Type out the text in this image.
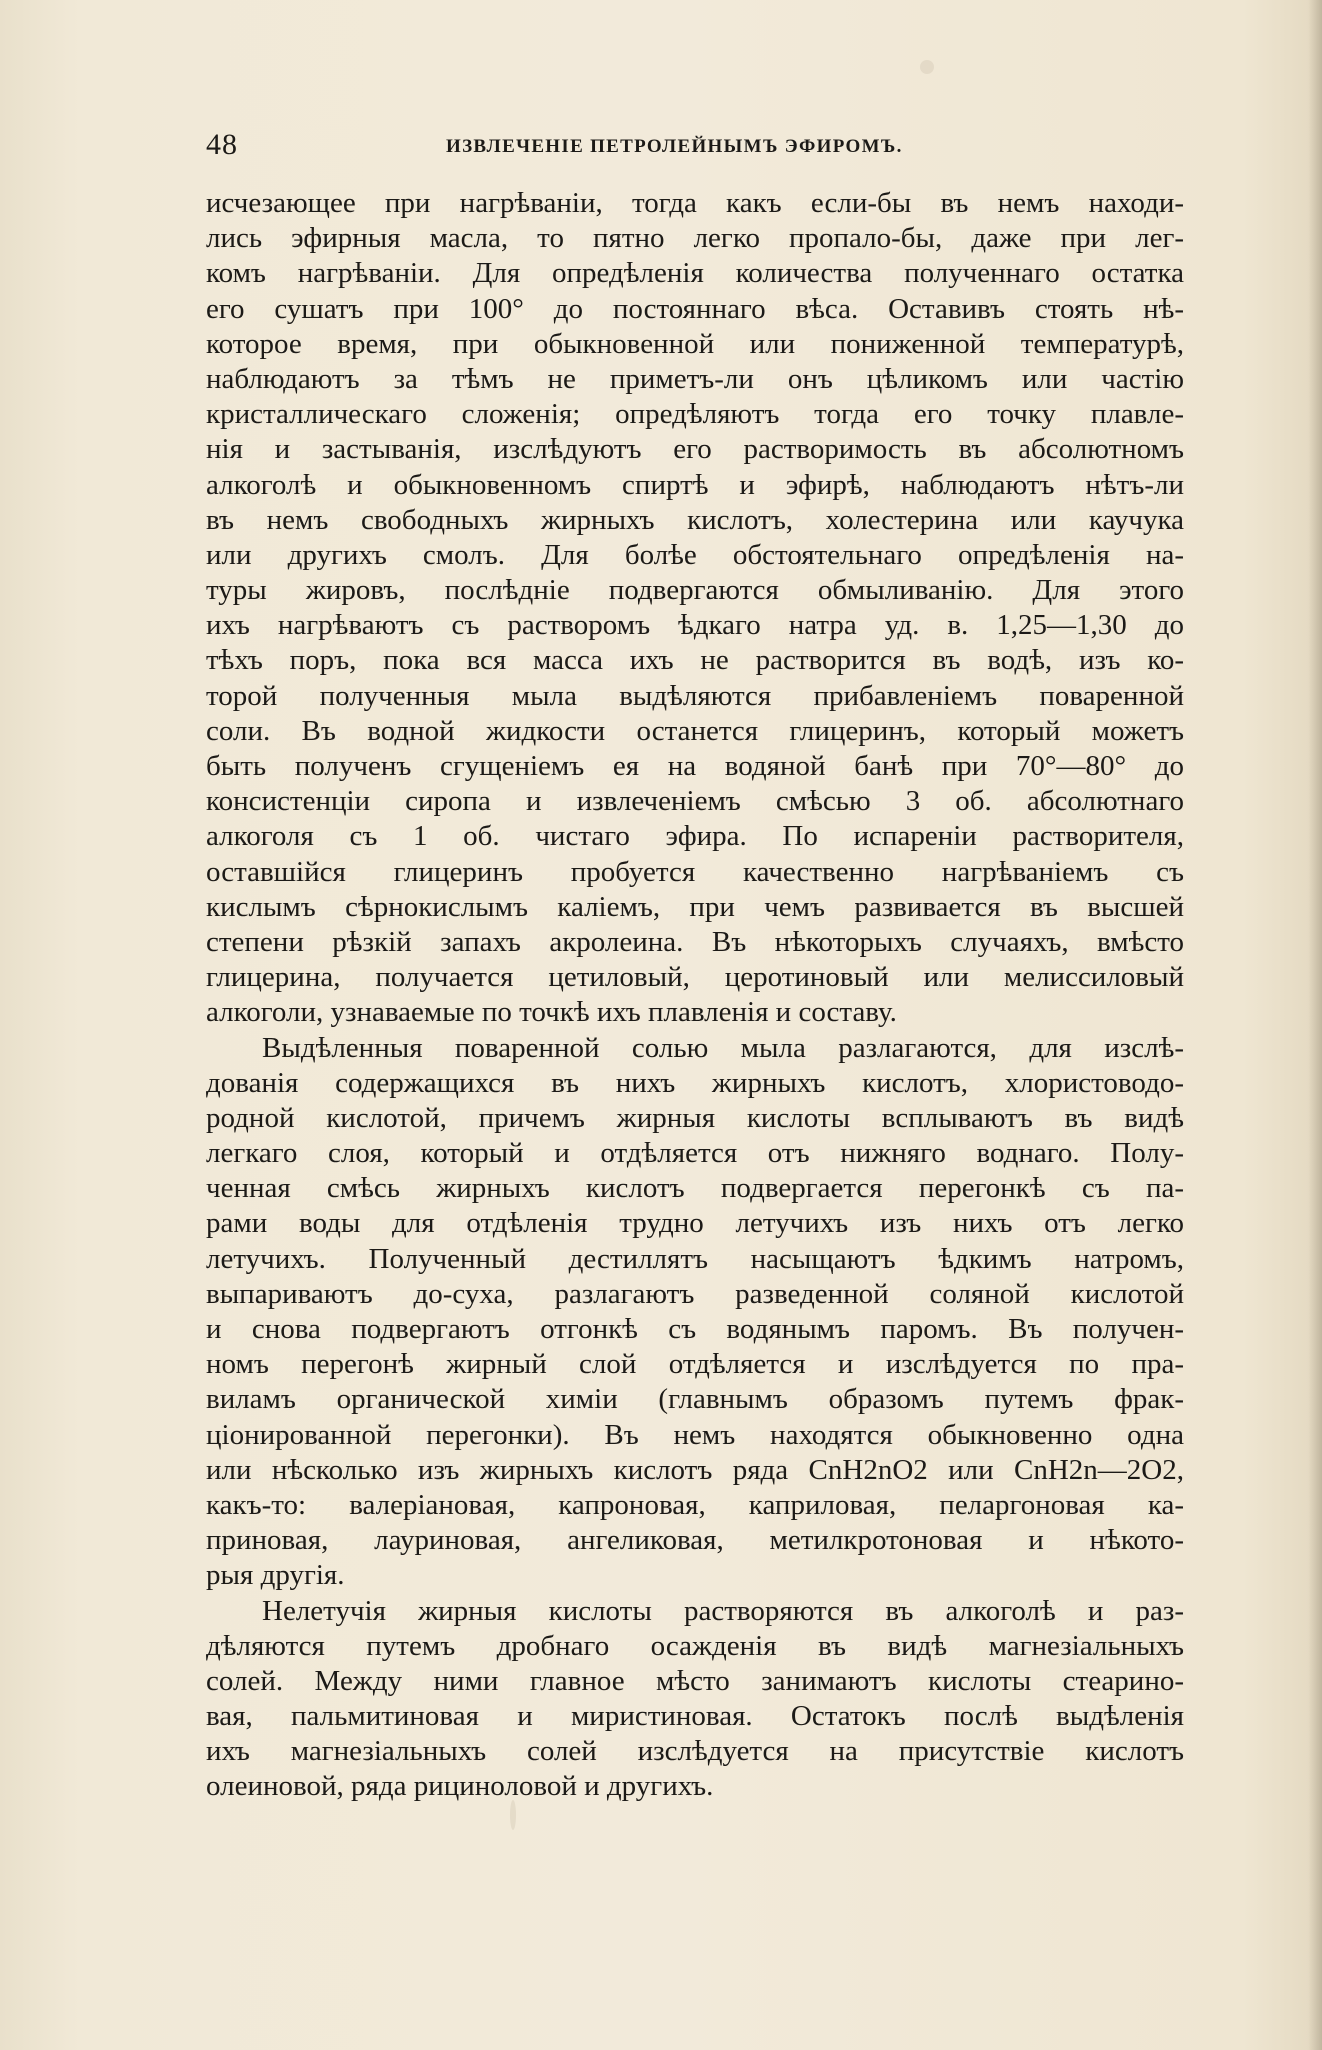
48	ИЗВЛЕЧЕНІЕ ПЕТРОЛЕЙНЫМЪ ЭФИРОМЪ.
исчезающее при нагрѣваніи, тогда какъ если-бы въ немъ находи-
лись эфирныя масла, то пятно легко пропало-бы, даже при лег-
комъ нагрѣваніи. Для опредѣленія количества полученнаго остатка
его сушатъ при 100° до постояннаго вѣса. Оставивъ стоять нѣ-
которое время, при обыкновенной или пониженной температурѣ,
наблюдаютъ за тѣмъ не приметъ-ли онъ цѣликомъ или частію
кристаллическаго сложенія; опредѣляютъ тогда его точку плавле-
нія и застыванія, изслѣдуютъ его растворимость въ абсолютномъ
алкоголѣ и обыкновенномъ спиртѣ и эфирѣ, наблюдаютъ нѣтъ-ли
въ немъ свободныхъ жирныхъ кислотъ, холестерина или каучука
или другихъ смолъ. Для болѣе обстоятельнаго опредѣленія на-
туры жировъ, послѣдніе подвергаются обмыливанію. Для этого
ихъ нагрѣваютъ съ растворомъ ѣдкаго натра уд. в. 1,25—1,30 до
тѣхъ поръ, пока вся масса ихъ не растворится въ водѣ, изъ ко-
торой полученныя мыла выдѣляются прибавленіемъ поваренной
соли. Въ водной жидкости останется глицеринъ, который можетъ
быть полученъ сгущеніемъ ея на водяной банѣ при 70°—80° до
консистенціи сиропа и извлеченіемъ смѣсью 3 об. абсолютнаго
алкоголя съ 1 об. чистаго эфира. По испареніи растворителя,
оставшійся глицеринъ пробуется качественно нагрѣваніемъ съ
кислымъ сѣрнокислымъ каліемъ, при чемъ развивается въ высшей
степени рѣзкій запахъ акролеина. Въ нѣкоторыхъ случаяхъ, вмѣсто
глицерина, получается цетиловый, церотиновый или мелиссиловый
алкоголи, узнаваемые по точкѣ ихъ плавленія и составу.
Выдѣленныя поваренной солью мыла разлагаются, для изслѣ-
дованія содержащихся въ нихъ жирныхъ кислотъ, хлористоводо-
родной кислотой, причемъ жирныя кислоты всплываютъ въ видѣ
легкаго слоя, который и отдѣляется отъ нижняго воднаго. Полу-
ченная смѣсь жирныхъ кислотъ подвергается перегонкѣ съ па-
рами воды для отдѣленія трудно летучихъ изъ нихъ отъ легко
летучихъ. Полученный дестиллятъ насыщаютъ ѣдкимъ натромъ,
выпариваютъ до-суха, разлагаютъ разведенной соляной кислотой
и снова подвергаютъ отгонкѣ съ водянымъ паромъ. Въ получен-
номъ перегонѣ жирный слой отдѣляется и изслѣдуется по пра-
виламъ органической химіи (главнымъ образомъ путемъ фрак-
ціонированной перегонки). Въ немъ находятся обыкновенно одна
или нѣсколько изъ жирныхъ кислотъ ряда CnH2nO2 или CnH2n—2O2,
какъ-то: валеріановая, капроновая, каприловая, пеларгоновая ка-
приновая, лауриновая, ангеликовая, метилкротоновая и нѣкото-
рыя другія.
Нелетучія жирныя кислоты растворяются въ алкоголѣ и раз-
дѣляются путемъ дробнаго осажденія въ видѣ магнезіальныхъ
солей. Между ними главное мѣсто занимаютъ кислоты стеарино-
вая, пальмитиновая и миристиновая. Остатокъ послѣ выдѣленія
ихъ магнезіальныхъ солей изслѣдуется на присутствіе кислотъ
олеиновой, ряда рициноловой и другихъ.
